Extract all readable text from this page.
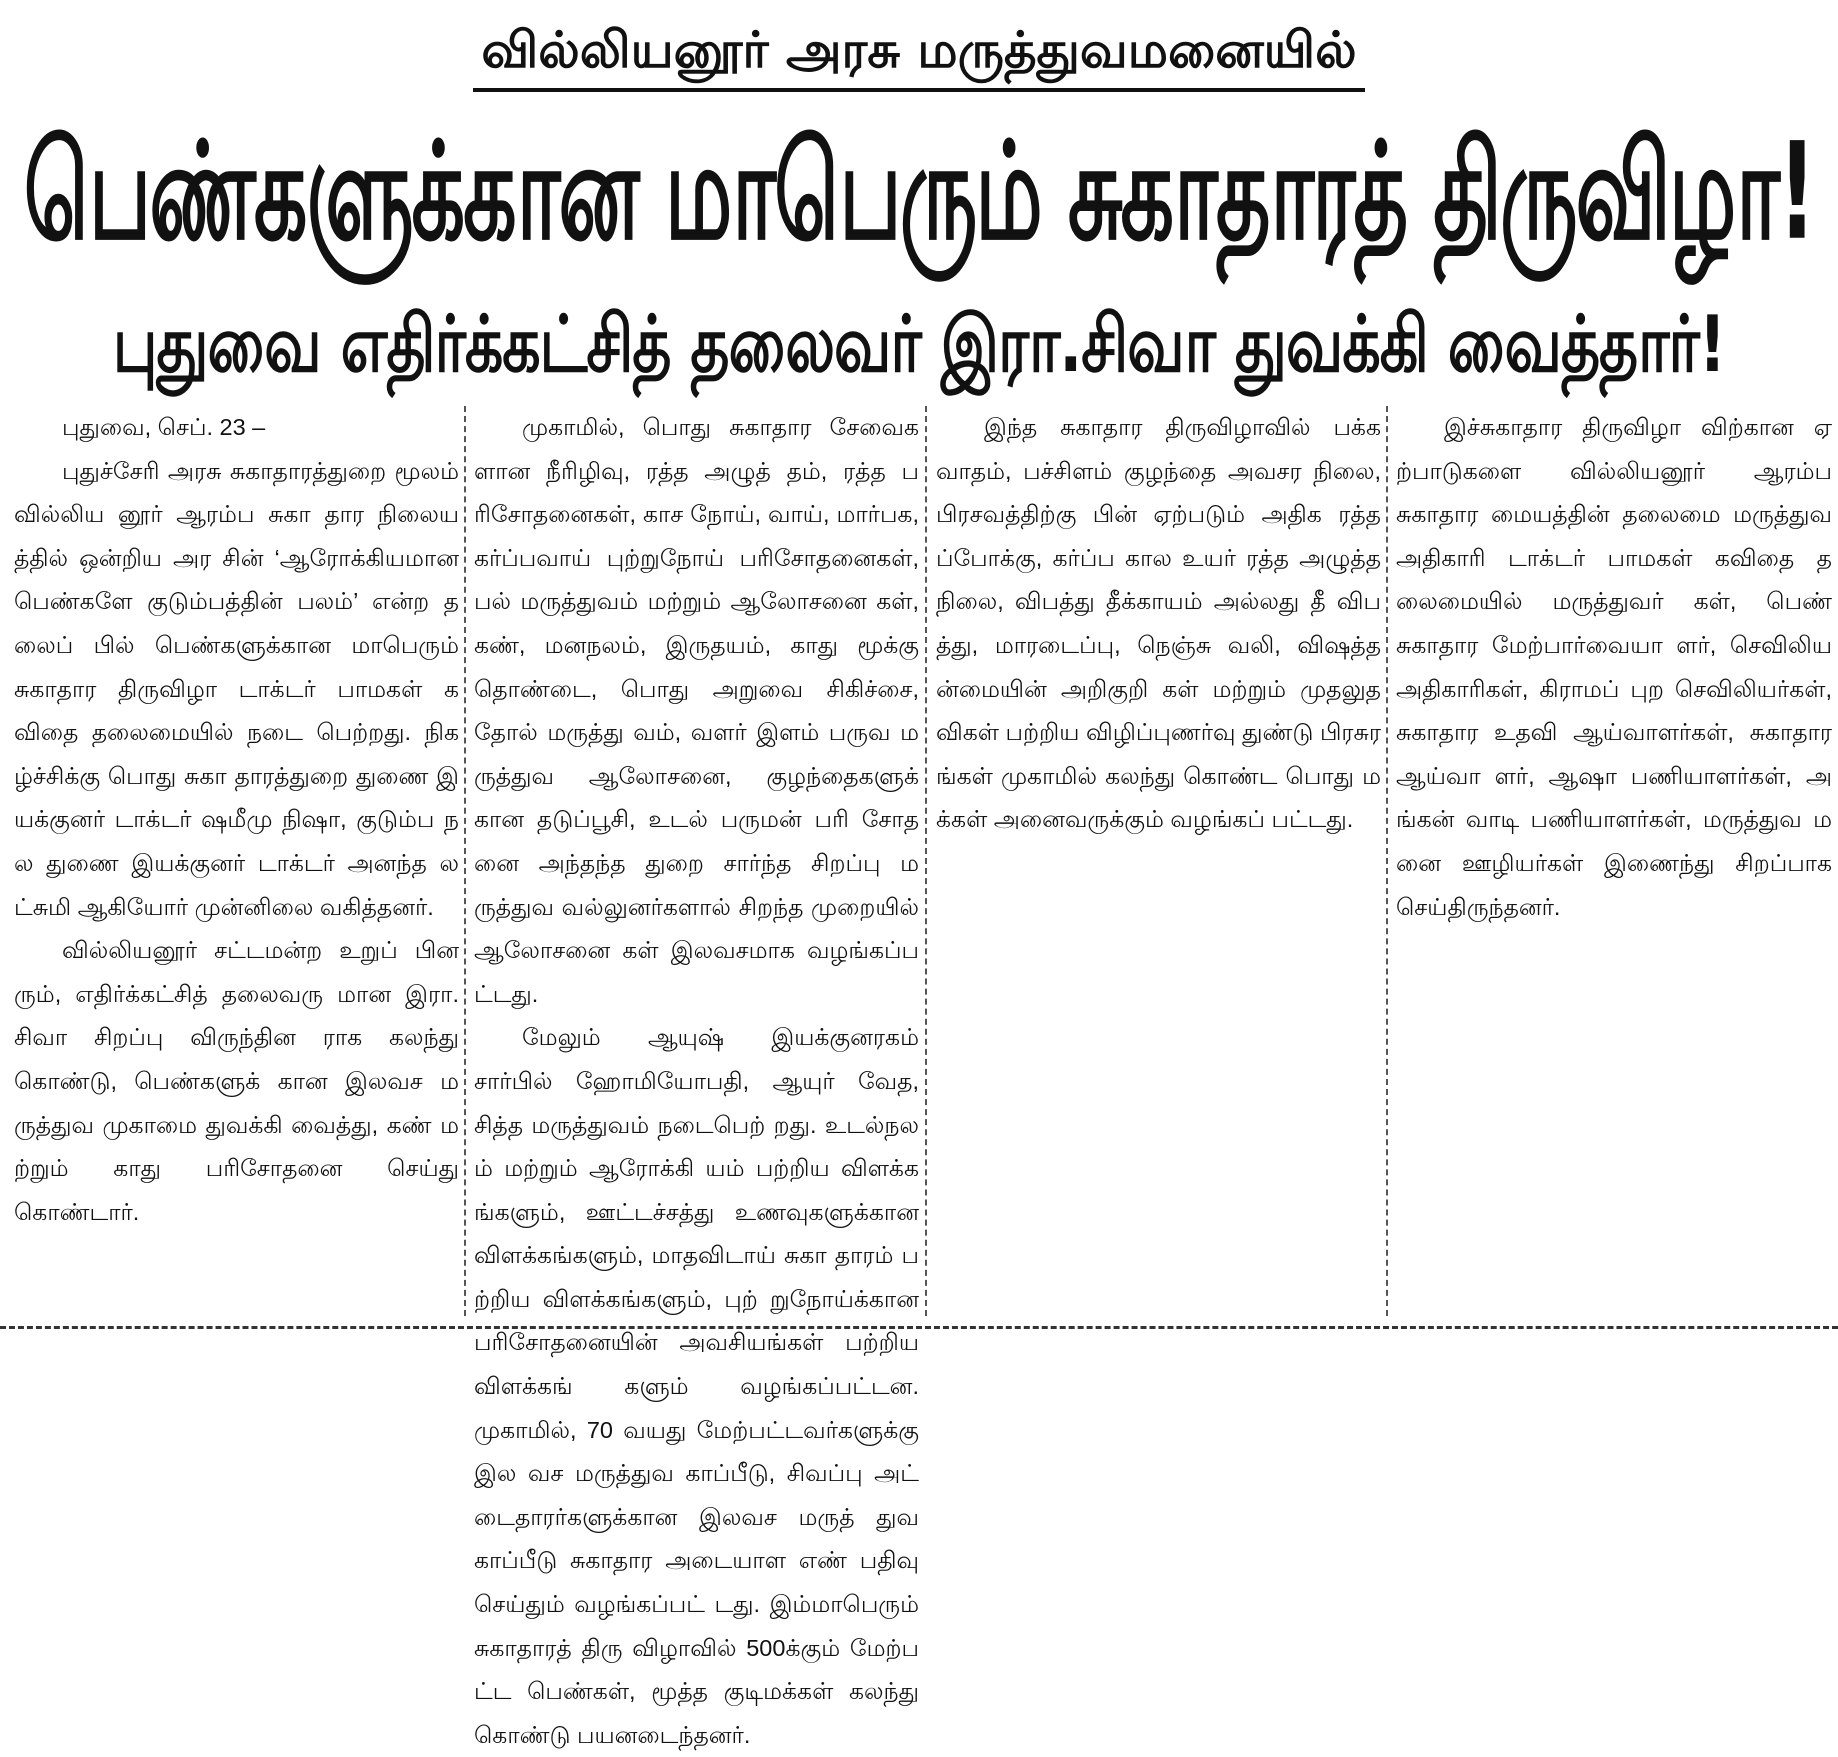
வில்லியனூர் அரசு மருத்துவமனையில்
பெண்களுக்கான மாபெரும் சுகாதாரத் திருவிழா!
புதுவை எதிர்க்கட்சித் தலைவர் இரா.சிவா துவக்கி வைத்தார்!

புதுவை, செப். 23 –

புதுச்சேரி அரசு சுகாதாரத்துறை மூலம் வில்லிய னூர் ஆரம்ப சுகா தார நிலையத்தில் ஒன்றிய அர சின் ‘ஆரோக்கியமான பெண்களே குடும்பத்தின் பலம்’ என்ற தலைப் பில் பெண்களுக்கான மாபெரும் சுகாதார திருவிழா டாக்டர் பாமகள் கவிதை தலைமையில் நடை பெற்றது. நிகழ்ச்சிக்கு பொது சுகா தாரத்துறை துணை இயக்குனர் டாக்டர் ஷமீமு நிஷா, குடும்ப நல துணை இயக்குனர் டாக்டர் அனந்த லட்சுமி ஆகியோர் முன்னிலை வகித்தனர்.

வில்லியனூர் சட்டமன்ற உறுப் பினரும், எதிர்க்கட்சித் தலைவரு மான இரா. சிவா சிறப்பு விருந்தின ராக கலந்து கொண்டு, பெண்களுக் கான இலவச மருத்துவ முகாமை துவக்கி வைத்து, கண் மற்றும் காது பரிசோதனை செய்து கொண்டார்.

முகாமில், பொது சுகாதார சேவைகளான நீரிழிவு, ரத்த அழுத் தம், ரத்த பரிசோதனைகள், காச நோய், வாய், மார்பக, கர்ப்பவாய் புற்றுநோய் பரிசோதனைகள், பல் மருத்துவம் மற்றும் ஆலோசனை கள், கண், மனநலம், இருதயம், காது மூக்கு தொண்டை, பொது அறுவை சிகிச்சை, தோல் மருத்து வம், வளர் இளம் பருவ மருத்துவ ஆலோசனை, குழந்தைகளுக் கான தடுப்பூசி, உடல் பருமன் பரி சோதனை அந்தந்த துறை சார்ந்த சிறப்பு மருத்துவ வல்லுனர்களால் சிறந்த முறையில் ஆலோசனை கள் இலவசமாக வழங்கப்பட்டது.

மேலும் ஆயுஷ் இயக்குனரகம் சார்பில் ஹோமியோபதி, ஆயுர் வேத, சித்த மருத்துவம் நடைபெற் றது. உடல்நலம் மற்றும் ஆரோக்கி யம் பற்றிய விளக்கங்களும், ஊட்டச்சத்து உணவுகளுக்கான விளக்கங்களும், மாதவிடாய் சுகா தாரம் பற்றிய விளக்கங்களும், புற் றுநோய்க்கான பரிசோதனையின் அவசியங்கள் பற்றிய விளக்கங் களும் வழங்கப்பட்டன. முகாமில், 70 வயது மேற்பட்டவர்களுக்கு இல வச மருத்துவ காப்பீடு, சிவப்பு அட் டைதாரர்களுக்கான இலவச மருத் துவ காப்பீடு சுகாதார அடையாள எண் பதிவு செய்தும் வழங்கப்பட் டது. இம்மாபெரும் சுகாதாரத் திரு விழாவில் 500க்கும் மேற்பட்ட பெண்கள், மூத்த குடிமக்கள் கலந்து கொண்டு பயனடைந்தனர்.

இந்த சுகாதார திருவிழாவில் பக்கவாதம், பச்சிளம் குழந்தை அவசர நிலை, பிரசவத்திற்கு பின் ஏற்படும் அதிக ரத்தப்போக்கு, கர்ப்ப கால உயர் ரத்த அழுத்த நிலை, விபத்து தீக்காயம் அல்லது தீ விபத்து, மாரடைப்பு, நெஞ்சு வலி, விஷத்தன்மையின் அறிகுறி கள் மற்றும் முதலுதவிகள் பற்றிய விழிப்புணர்வு துண்டு பிரசுரங்கள் முகாமில் கலந்து கொண்ட பொது மக்கள் அனைவருக்கும் வழங்கப் பட்டது.

இச்சுகாதார திருவிழா விற்கான ஏற்பாடுகளை வில்லியனூர் ஆரம்ப சுகாதார மையத்தின் தலைமை மருத்துவ அதிகாரி டாக்டர் பாமகள் கவிதை தலைமையில் மருத்துவர் கள், பெண் சுகாதார மேற்பார்வையா ளர், செவிலிய அதிகாரிகள், கிராமப் புற செவிலியர்கள், சுகாதார உதவி ஆய்வாளர்கள், சுகாதார ஆய்வா ளர், ஆஷா பணியாளர்கள், அங்கன் வாடி பணியாளர்கள், மருத்துவ மனை ஊழியர்கள் இணைந்து சிறப்பாக செய்திருந்தனர்.
